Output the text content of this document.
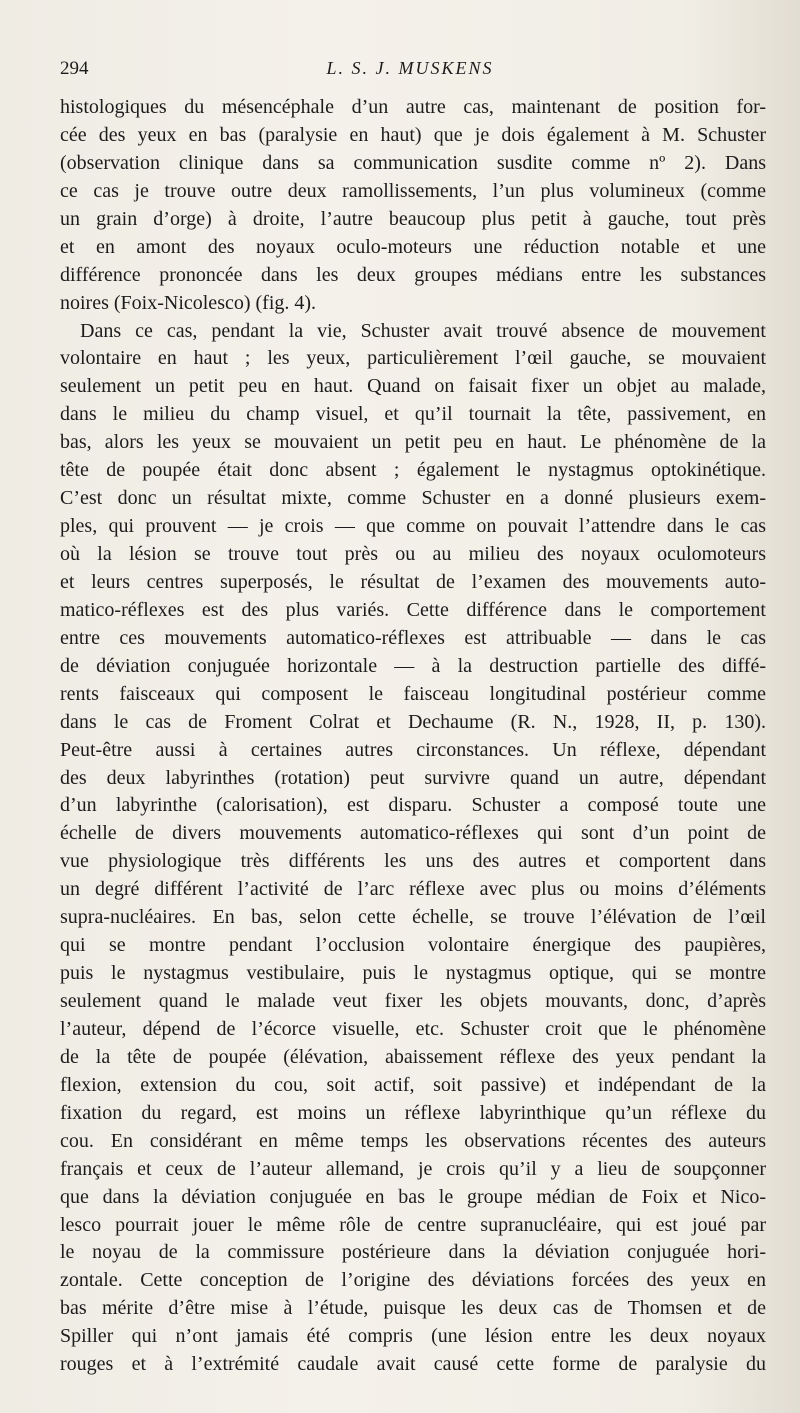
294	L. S. J. MUSKENS
histologiques du mésencéphale d’un autre cas, maintenant de position for-
cée des yeux en bas (paralysie en haut) que je dois également à M. Schuster
(observation clinique dans sa communication susdite comme nº 2). Dans
ce cas je trouve outre deux ramollissements, l’un plus volumineux (comme
un grain d’orge) à droite, l’autre beaucoup plus petit à gauche, tout près
et en amont des noyaux oculo-moteurs une réduction notable et une
différence prononcée dans les deux groupes médians entre les substances
noires (Foix-Nicolesco) (fig. 4).
Dans ce cas, pendant la vie, Schuster avait trouvé absence de mouvement
volontaire en haut ; les yeux, particulièrement l’œil gauche, se mouvaient
seulement un petit peu en haut. Quand on faisait fixer un objet au malade,
dans le milieu du champ visuel, et qu’il tournait la tête, passivement, en
bas, alors les yeux se mouvaient un petit peu en haut. Le phénomène de la
tête de poupée était donc absent ; également le nystagmus optokinétique.
C’est donc un résultat mixte, comme Schuster en a donné plusieurs exem-
ples, qui prouvent — je crois — que comme on pouvait l’attendre dans le cas
où la lésion se trouve tout près ou au milieu des noyaux oculomoteurs
et leurs centres superposés, le résultat de l’examen des mouvements auto-
matico-réflexes est des plus variés. Cette différence dans le comportement
entre ces mouvements automatico-réflexes est attribuable — dans le cas
de déviation conjuguée horizontale — à la destruction partielle des diffé-
rents faisceaux qui composent le faisceau longitudinal postérieur comme
dans le cas de Froment Colrat et Dechaume (R. N., 1928, II, p. 130).
Peut-être aussi à certaines autres circonstances. Un réflexe, dépendant
des deux labyrinthes (rotation) peut survivre quand un autre, dépendant
d’un labyrinthe (calorisation), est disparu. Schuster a composé toute une
échelle de divers mouvements automatico-réflexes qui sont d’un point de
vue physiologique très différents les uns des autres et comportent dans
un degré différent l’activité de l’arc réflexe avec plus ou moins d’éléments
supra-nucléaires. En bas, selon cette échelle, se trouve l’élévation de l’œil
qui se montre pendant l’occlusion volontaire énergique des paupières,
puis le nystagmus vestibulaire, puis le nystagmus optique, qui se montre
seulement quand le malade veut fixer les objets mouvants, donc, d’après
l’auteur, dépend de l’écorce visuelle, etc. Schuster croit que le phénomène
de la tête de poupée (élévation, abaissement réflexe des yeux pendant la
flexion, extension du cou, soit actif, soit passive) et indépendant de la
fixation du regard, est moins un réflexe labyrinthique qu’un réflexe du
cou. En considérant en même temps les observations récentes des auteurs
français et ceux de l’auteur allemand, je crois qu’il y a lieu de soupçonner
que dans la déviation conjuguée en bas le groupe médian de Foix et Nico-
lesco pourrait jouer le même rôle de centre supranucléaire, qui est joué par
le noyau de la commissure postérieure dans la déviation conjuguée hori-
zontale. Cette conception de l’origine des déviations forcées des yeux en
bas mérite d’être mise à l’étude, puisque les deux cas de Thomsen et de
Spiller qui n’ont jamais été compris (une lésion entre les deux noyaux
rouges et à l’extrémité caudale avait causé cette forme de paralysie du
